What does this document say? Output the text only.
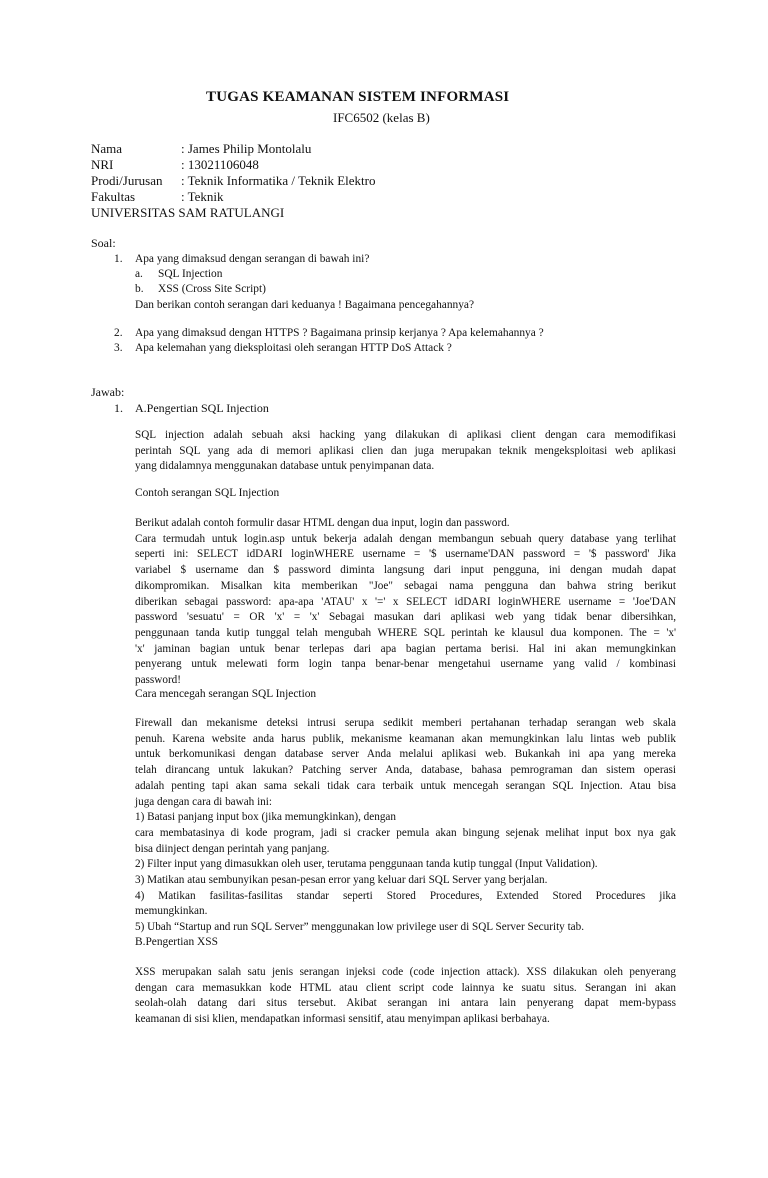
TUGAS KEAMANAN SISTEM INFORMASI
IFC6502 (kelas B)
Nama	: James Philip Montolalu
NRI	: 13021106048
Prodi/Jurusan : Teknik Informatika / Teknik Elektro
Fakultas	: Teknik
UNIVERSITAS SAM RATULANGI
Soal:
1. Apa yang dimaksud dengan serangan di bawah ini?
a. SQL Injection
b. XSS (Cross Site Script)
Dan berikan contoh serangan dari keduanya ! Bagaimana pencegahannya?
2. Apa yang dimaksud dengan HTTPS ? Bagaimana prinsip kerjanya ? Apa kelemahannya ?
3. Apa kelemahan yang dieksploitasi oleh serangan HTTP DoS Attack ?
Jawab:
1. A.Pengertian SQL Injection
SQL injection adalah sebuah aksi hacking yang dilakukan di aplikasi client dengan cara memodifikasi
perintah SQL yang ada di memori aplikasi clien dan juga merupakan teknik mengeksploitasi web aplikasi
yang didalamnya menggunakan database untuk penyimpanan data.
Contoh serangan SQL Injection
Berikut adalah contoh formulir dasar HTML dengan dua input, login dan password.
Cara termudah untuk login.asp untuk bekerja adalah dengan membangun sebuah query database yang terlihat
seperti ini: SELECT idDARI loginWHERE username = '$ username'DAN password = '$ password' Jika
variabel $ username dan $ password diminta langsung dari input pengguna, ini dengan mudah dapat
dikompromikan. Misalkan kita memberikan "Joe" sebagai nama pengguna dan bahwa string berikut
diberikan sebagai password: apa-apa 'ATAU' x '=' x SELECT idDARI loginWHERE username = 'Joe'DAN
password 'sesuatu' = OR 'x' = 'x' Sebagai masukan dari aplikasi web yang tidak benar dibersihkan,
penggunaan tanda kutip tunggal telah mengubah WHERE SQL perintah ke klausul dua komponen. The = 'x'
'x' jaminan bagian untuk benar terlepas dari apa bagian pertama berisi. Hal ini akan memungkinkan
penyerang untuk melewati form login tanpa benar-benar mengetahui username yang valid / kombinasi
password!
Cara mencegah serangan SQL Injection
Firewall dan mekanisme deteksi intrusi serupa sedikit memberi pertahanan terhadap serangan web skala
penuh. Karena website anda harus publik, mekanisme keamanan akan memungkinkan lalu lintas web publik
untuk berkomunikasi dengan database server Anda melalui aplikasi web. Bukankah ini apa yang mereka
telah dirancang untuk lakukan? Patching server Anda, database, bahasa pemrograman dan sistem operasi
adalah penting tapi akan sama sekali tidak cara terbaik untuk mencegah serangan SQL Injection. Atau bisa
juga dengan cara di bawah ini:
1) Batasi panjang input box (jika memungkinkan), dengan
cara membatasinya di kode program, jadi si cracker pemula akan bingung sejenak melihat input box nya gak
bisa diinject dengan perintah yang panjang.
2) Filter input yang dimasukkan oleh user, terutama penggunaan tanda kutip tunggal (Input Validation).
3) Matikan atau sembunyikan pesan-pesan error yang keluar dari SQL Server yang berjalan.
4) Matikan fasilitas-fasilitas standar seperti Stored Procedures, Extended Stored Procedures jika
memungkinkan.
5) Ubah “Startup and run SQL Server” menggunakan low privilege user di SQL Server Security tab.
B.Pengertian XSS
XSS merupakan salah satu jenis serangan injeksi code (code injection attack). XSS dilakukan oleh penyerang
dengan cara memasukkan kode HTML atau client script code lainnya ke suatu situs. Serangan ini akan
seolah-olah datang dari situs tersebut. Akibat serangan ini antara lain penyerang dapat mem-bypass
keamanan di sisi klien, mendapatkan informasi sensitif, atau menyimpan aplikasi berbahaya.
